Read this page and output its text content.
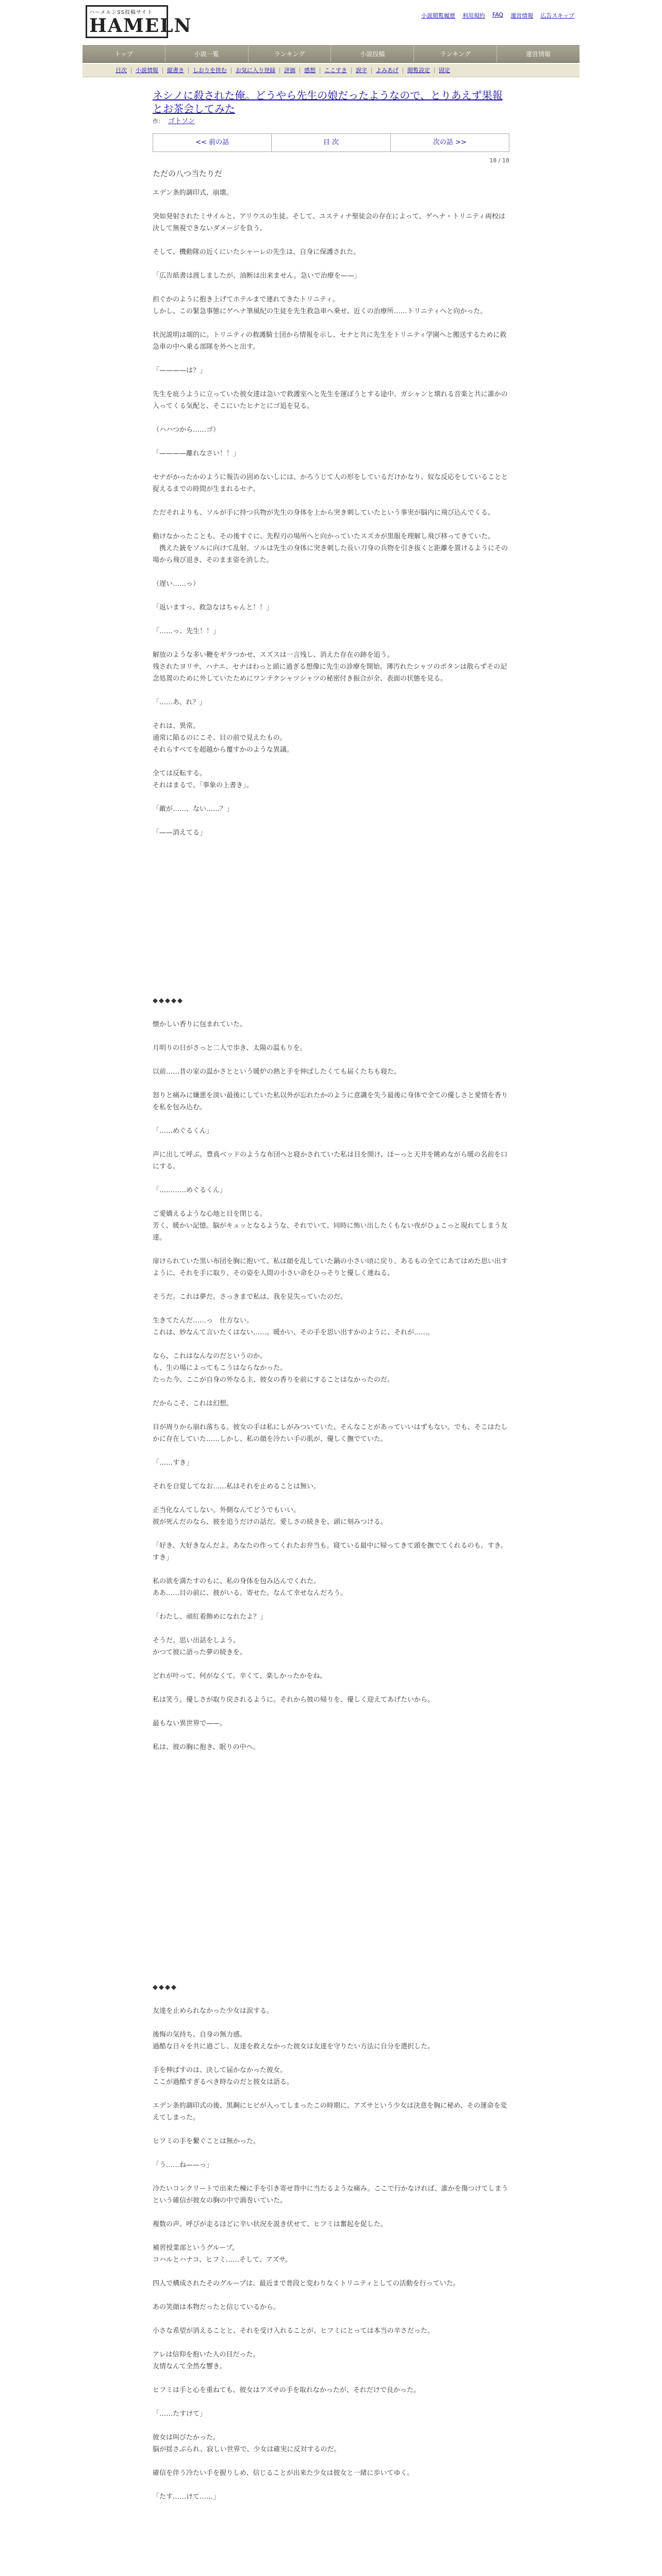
ハーメルンSS投稿サイト
HAMELN	小説閲覧履歴 利用規約 FAQ 運営情報 広告スキップ
トップ	小説一覧	ランキング	小説投稿	ランキング	運営情報
目次	小説情報	縦書き	しおりを挟む	お気に入り登録	評価	感想	ここすき	誤字	よみあげ	閲覧設定	固定
ネシノに殺された俺。どうやら先生の娘だったようなので、とりあえず果報とお茶会してみた
作： ゴトソン
<< 前の話	目 次	次の話 >>
18 / 18
ただの八つ当たりだ

エデン条約調印式、崩壊。

突如発射されたミサイルと、アリウスの生徒。そして、ユスティナ聖徒会の存在によって、ゲヘナ・トリニティ両校は決して無視できないダメージを負う。

そして、機動隊の近くにいたシャーレの先生は、自身に保護された。

「広告紙書は渡しましたが、油断は出来ません。急いで治療を——」

担ぐかのように抱き上げてホテルまで連れてきたトリニティ。
しかし、この緊急事態にゲヘナ筆風紀の生徒を先生救急車へ乗せ、近くの治療所……トリニティへと向かった。

状況説明は端的に。トリニティの救護騎士団から情報を示し、セナと共に先生をトリニティ学園へと搬送するために救急車の中へ乗る部隊を外へと出す。

「————は？」

先生を庇うように立っていた彼女達は急いで救護室へと先生を運ぼうとする途中、ガシャンと壊れる音楽と共に誰かの入ってくる気配と、そこにいたヒナとにゴ追を見る。

（ハハつから……ゴ）

「————離れなさい！！」

セナがかったかのように報告の固めないしには、かろうじて人の形をしているだけかなり、奴な反応をしていることと捉えるまでの時間が生まれるセナ。

ただそれよりも、ソルが手に持つ兵物が先生の身体を上から突き刺していたという事実が脳内に飛び込んでくる。

動けなかったことも、その後すぐに、先程刃の場所へと向かっていたスズカが黒服を理解し飛び移ってきていた。
　携えた銃をソルに向けて乱射。ソルは先生の身体に突き刺した長い刀身の兵物を引き抜くと距離を置けるようにその場から飛び退き、そのまま姿を消した。

（遅い……っ）

「返いますっ、救急なはちゃんと！！」

「……っ、先生！！」

解放のような多い鞭をギラつかせ、スズスは一言残し、消えた存在の跡を追う。
残されたヨリサ、ハナエ、セナはわっと頭に過ぎる想像に先生の診療を開始。薄汚れたシャツのボタンは散らずその記念処置のために外していたためにワンテクシャツシャツの秘密付き振合が全、表面の状態を見る。

「……あ、れ？」

それは、異常。
通常に陥るのにこそ、目の前で見えたもの。
それらすべてを超越から覆すかのような異議。

全ては反転する。
それはまるで、「事象の上書き」。

「敵が……、ない……？」

「——消えてる」

◆◆◆◆◆

懐かしい香りに包まれていた。

月明りの日がさっと二人で歩き、太陽の温もりを。

以前……昔の家の温かさとという暖炉の熱と手を伸ばしたくても届くたちも寝た。

怒りと痛みに嫌悪を淡い最後にしていた私以外が忘れたかのように意識を失う最後に身体で全ての優しさと愛情を香りを私を包み込む。

「……めぐるくん」

声に出して呼ぶ。豊真ベッドのような布団へと寝かされていた私は目を開け、ほーっと天井を眺めながら暖の名前を口にする。

「…………めぐるくん」

ご愛嬌えるような心地と目を閉じる。
芳く、暖かい記憶。脳がキュッとなるような、それでいて、同時に怖い出したくもない夜がひょこっと現れてしまう友達。

扉けられていた黒い布団を胸に抱いて、私は顔を乱していた鍋の小さい頃に戻り、あるもの全てにあてはめた思い出すように、それを手に取り、その姿を人間の小さい命をひっそりと優しく連ねる。

そうだ。これは夢だ。さっきまで私は、我を見失っていたのだ。

生きてたんだ……っ　仕方ない。
これは、妙なんて言いたくはない……。暖かい、その手を思い出すかのように、それが……。

なら、これはなんなのだというのか。
も、生の場によってもこうはならなかった。
たった今、ここが自身の外なる主、彼女の香りを前にすることはなかったのだ。

だからこそ、これは幻想。

目が周りから崩れ落ちる。彼女の手は私にしがみついていた。そんなことがあっていいはずもない。でも、そこはたしかに存在していた……しかし、私の顔を冷たい手の肌が、優しく撫でていた。

「……すき」

それを自覚してなお……私はそれを止めることは無い。

正当化なんてしない。外側なんてどうでもいい。
彼が死んだのなら、彼を追うだけの話だ。愛しさの続きを、頭に刻みつける。

「好き、大好きなんだよ。あなたの作ってくれたお弁当も。寝ている最中に帰ってきて頭を撫でてくれるのも。すき。すき」

私の欲を満たすのもに、私の身体を包み込んでくれた。
ああ……目の前に、彼がいる。寄せた。なんて幸せなんだろう。

「わたし、頑紅着飾めになれたよ？」

そうだ。思い出話をしよう。
かつて彼に語った夢の続きを。

どれが叶って、何がなくて。辛くて、楽しかったかをね。

私は笑う。優しさが取り戻されるように。それから彼の帰りを、優しく迎えてあげたいから。

最もない異世界で——。

私は、彼の胸に抱き、眠りの中へ。

◆◆◆◆

友達を止められなかった少女は涙する。

後悔の気持ち、自身の無力感。
過酷な日々を共に過ごし、友達を救えなかった彼女は友達を守りたい方法に自分を選択した。

手を伸ばすのは、決して届かなかった彼女。
ここが過酷すぎるべき時なのだと彼女は語る。

エデン条約調印式の後、黒鋼にヒビが入ってしまったこの時期に、アズサという少女は決意を胸に秘め、その運命を変えてしまった。

ヒフミの手を繋ぐことは無かった。

「う……ね——っ」

冷たいコンクリートで出来た棟に手を引き寄せ背中に当たるような痛み。ここで行かなければ、誰かを傷つけてしまうという確信が彼女の胸の中で渦巻いていた。

複数の声。呼びが走るほどに辛い状況を説き伏せて、ヒフミは奮起を促した。

補習授業部というグループ。
コハルとハナコ、ヒフミ……そして、アズサ。

四人で構成されたそのグループは、最近まで普段と変わりなくトリニティとしての活動を行っていた。

あの笑顔は本物だったと信じているから。

小さな希望が消えることと、それを受け入れることが、ヒフミにとっては本当の辛さだった。

アレは信仰を抱いた人の目だった。
友情なんて全然な響き。

ヒフミは手と心を重ねても、彼女はアズサの手を取れなかったが、それだけで良かった。

「……たすけて」

彼女は叫びたかった。
脳が揺さぶられ、寂しい世界で、少女は確実に反対するのだ。

確信を伴う冷たい手を握りしめ、信じることが出来た少女は彼女と一緒に歩いてゆく。

「たす……けて……」
